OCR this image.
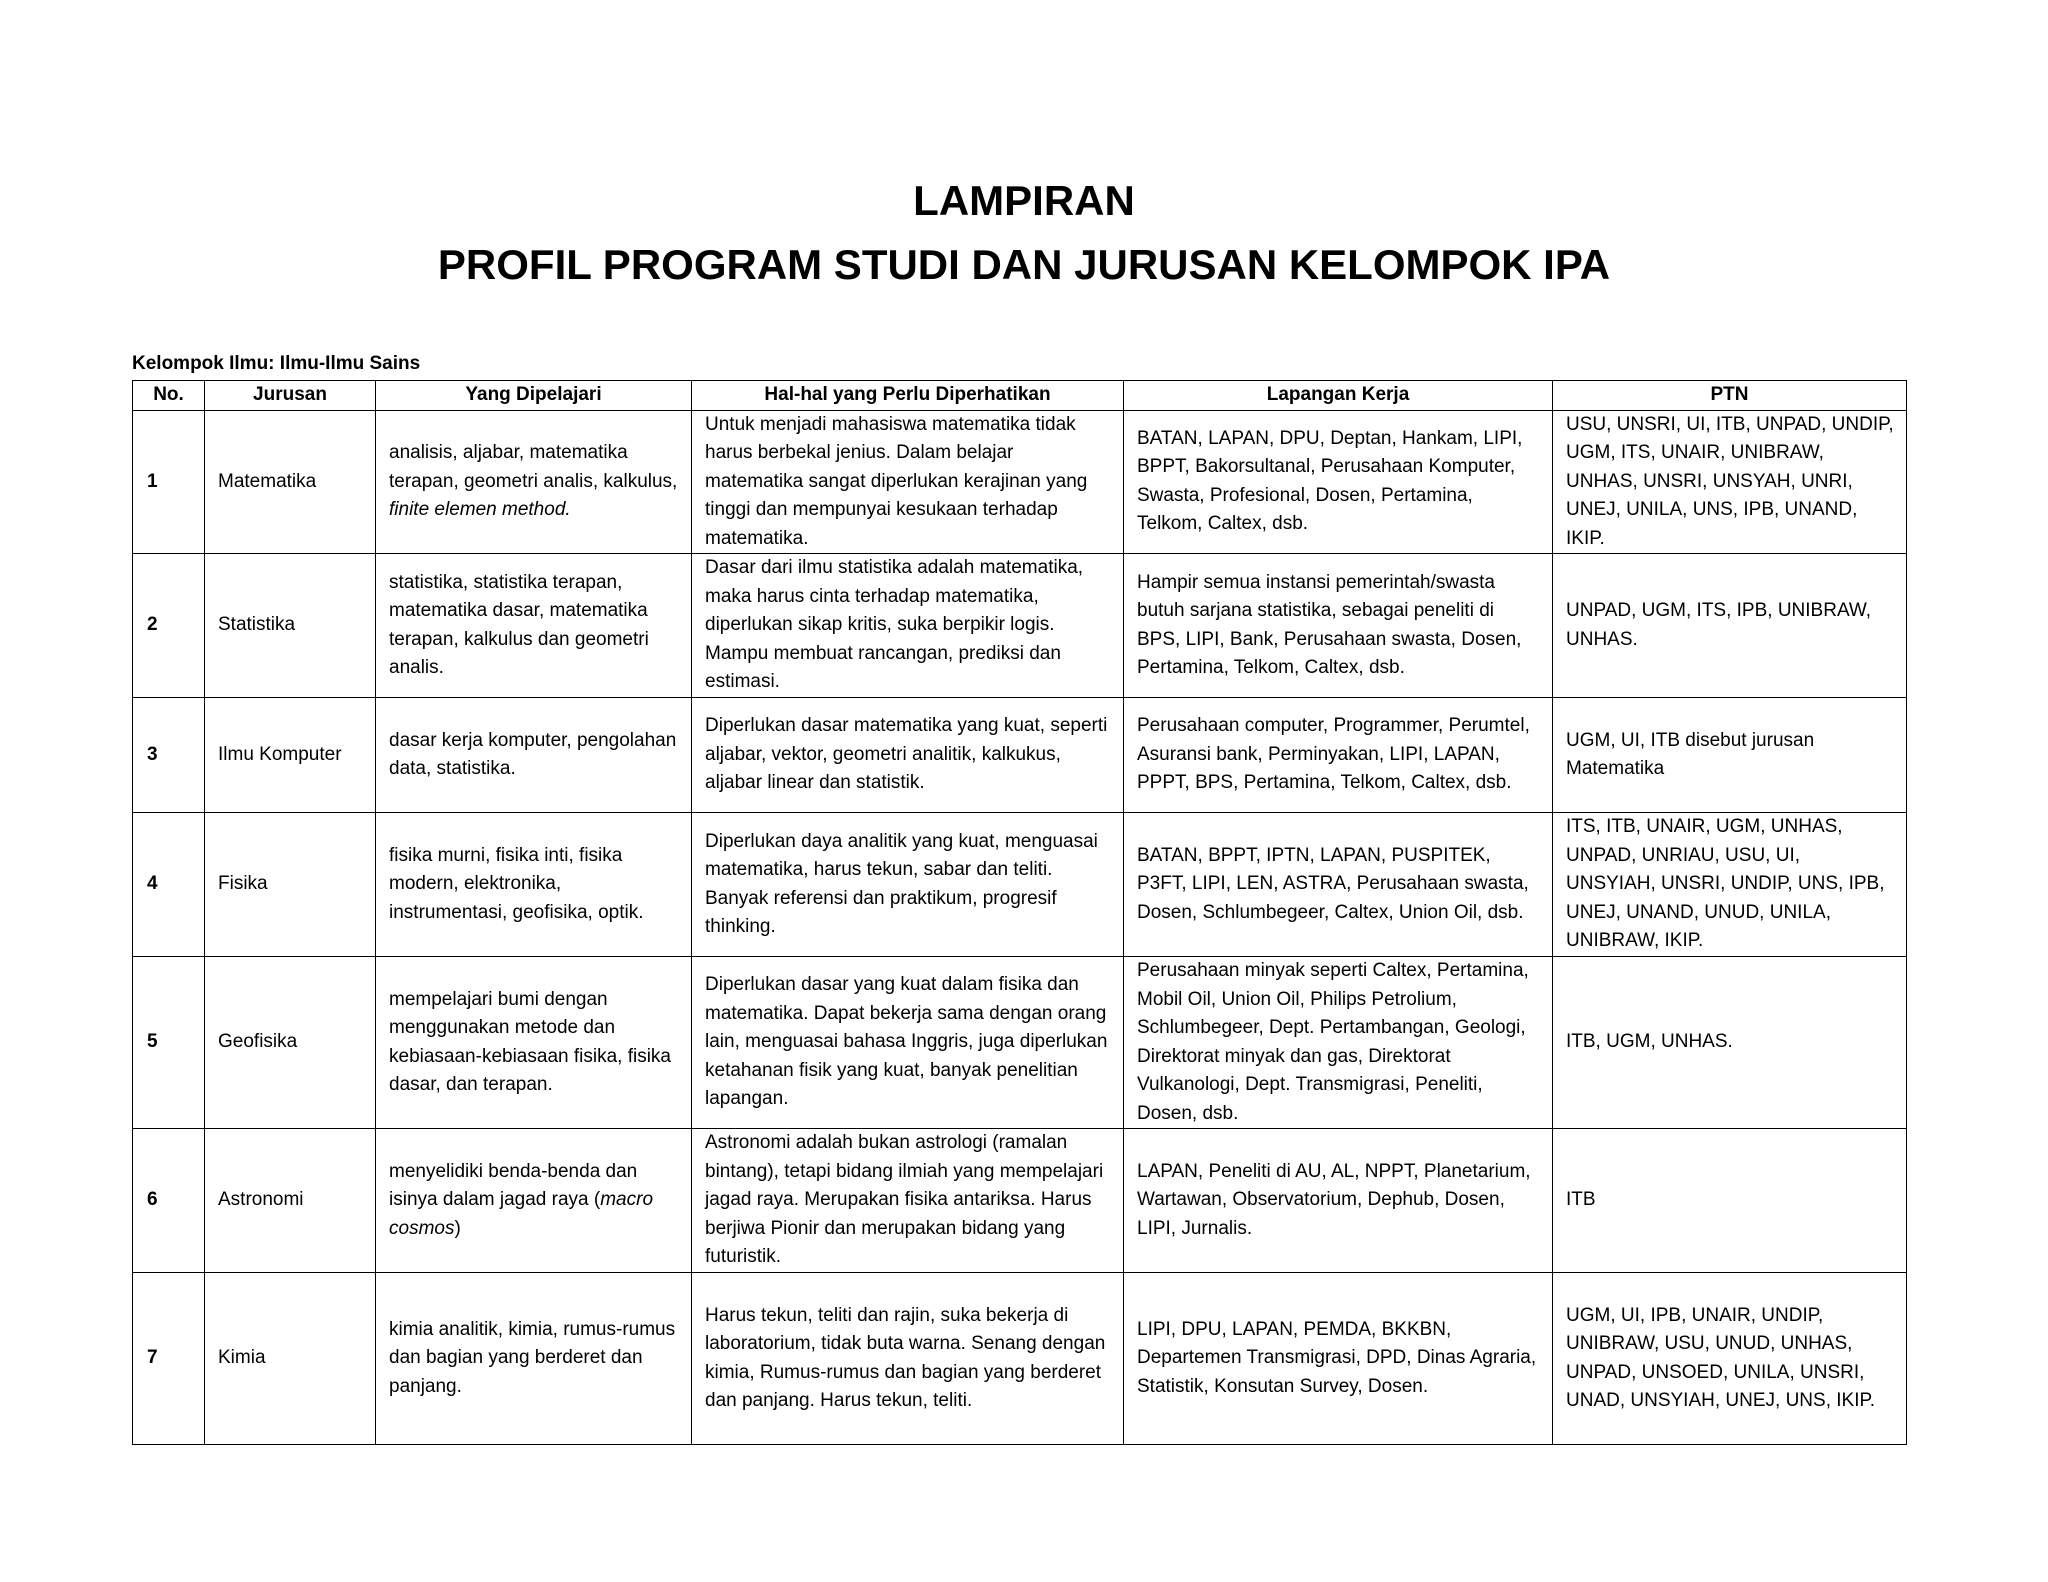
LAMPIRAN
PROFIL PROGRAM STUDI DAN JURUSAN KELOMPOK IPA

Kelompok Ilmu: Ilmu-Ilmu Sains

No.	Jurusan	Yang Dipelajari	Hal-hal yang Perlu Diperhatikan	Lapangan Kerja	PTN
1	Matematika	analisis, aljabar, matematika terapan, geometri analis, kalkulus, finite elemen method.	Untuk menjadi mahasiswa matematika tidak harus berbekal jenius. Dalam belajar matematika sangat diperlukan kerajinan yang tinggi dan mempunyai kesukaan terhadap matematika.	BATAN, LAPAN, DPU, Deptan, Hankam, LIPI, BPPT, Bakorsultanal, Perusahaan Komputer, Swasta, Profesional, Dosen, Pertamina, Telkom, Caltex, dsb.	USU, UNSRI, UI, ITB, UNPAD, UNDIP, UGM, ITS, UNAIR, UNIBRAW, UNHAS, UNSRI, UNSYAH, UNRI, UNEJ, UNILA, UNS, IPB, UNAND, IKIP.
2	Statistika	statistika, statistika terapan, matematika dasar, matematika terapan, kalkulus dan geometri analis.	Dasar dari ilmu statistika adalah matematika, maka harus cinta terhadap matematika, diperlukan sikap kritis, suka berpikir logis. Mampu membuat rancangan, prediksi dan estimasi.	Hampir semua instansi pemerintah/swasta butuh sarjana statistika, sebagai peneliti di BPS, LIPI, Bank, Perusahaan swasta, Dosen, Pertamina, Telkom, Caltex, dsb.	UNPAD, UGM, ITS, IPB, UNIBRAW, UNHAS.
3	Ilmu Komputer	dasar kerja komputer, pengolahan data, statistika.	Diperlukan dasar matematika yang kuat, seperti aljabar, vektor, geometri analitik, kalkukus, aljabar linear dan statistik.	Perusahaan computer, Programmer, Perumtel, Asuransi bank, Perminyakan, LIPI, LAPAN, PPPT, BPS, Pertamina, Telkom, Caltex, dsb.	UGM, UI, ITB disebut jurusan Matematika
4	Fisika	fisika murni, fisika inti, fisika modern, elektronika, instrumentasi, geofisika, optik.	Diperlukan daya analitik yang kuat, menguasai matematika, harus tekun, sabar dan teliti. Banyak referensi dan praktikum, progresif thinking.	BATAN, BPPT, IPTN, LAPAN, PUSPITEK, P3FT, LIPI, LEN, ASTRA, Perusahaan swasta, Dosen, Schlumbegeer, Caltex, Union Oil, dsb.	ITS, ITB, UNAIR, UGM, UNHAS, UNPAD, UNRIAU, USU, UI, UNSYIAH, UNSRI, UNDIP, UNS, IPB, UNEJ, UNAND, UNUD, UNILA, UNIBRAW, IKIP.
5	Geofisika	mempelajari bumi dengan menggunakan metode dan kebiasaan-kebiasaan fisika, fisika dasar, dan terapan.	Diperlukan dasar yang kuat dalam fisika dan matematika. Dapat bekerja sama dengan orang lain, menguasai bahasa Inggris, juga diperlukan ketahanan fisik yang kuat, banyak penelitian lapangan.	Perusahaan minyak seperti Caltex, Pertamina, Mobil Oil, Union Oil, Philips Petrolium, Schlumbegeer, Dept. Pertambangan, Geologi, Direktorat minyak dan gas, Direktorat Vulkanologi, Dept. Transmigrasi, Peneliti, Dosen, dsb.	ITB, UGM, UNHAS.
6	Astronomi	menyelidiki benda-benda dan isinya dalam jagad raya (macro cosmos)	Astronomi adalah bukan astrologi (ramalan bintang), tetapi bidang ilmiah yang mempelajari jagad raya. Merupakan fisika antariksa. Harus berjiwa Pionir dan merupakan bidang yang futuristik.	LAPAN, Peneliti di AU, AL, NPPT, Planetarium, Wartawan, Observatorium, Dephub, Dosen, LIPI, Jurnalis.	ITB
7	Kimia	kimia analitik, kimia, rumus-rumus dan bagian yang berderet dan panjang.	Harus tekun, teliti dan rajin, suka bekerja di laboratorium, tidak buta warna. Senang dengan kimia, Rumus-rumus dan bagian yang berderet dan panjang. Harus tekun, teliti.	LIPI, DPU, LAPAN, PEMDA, BKKBN, Departemen Transmigrasi, DPD, Dinas Agraria, Statistik, Konsutan Survey, Dosen.	UGM, UI, IPB, UNAIR, UNDIP, UNIBRAW, USU, UNUD, UNHAS, UNPAD, UNSOED, UNILA, UNSRI, UNAD, UNSYIAH, UNEJ, UNS, IKIP.
